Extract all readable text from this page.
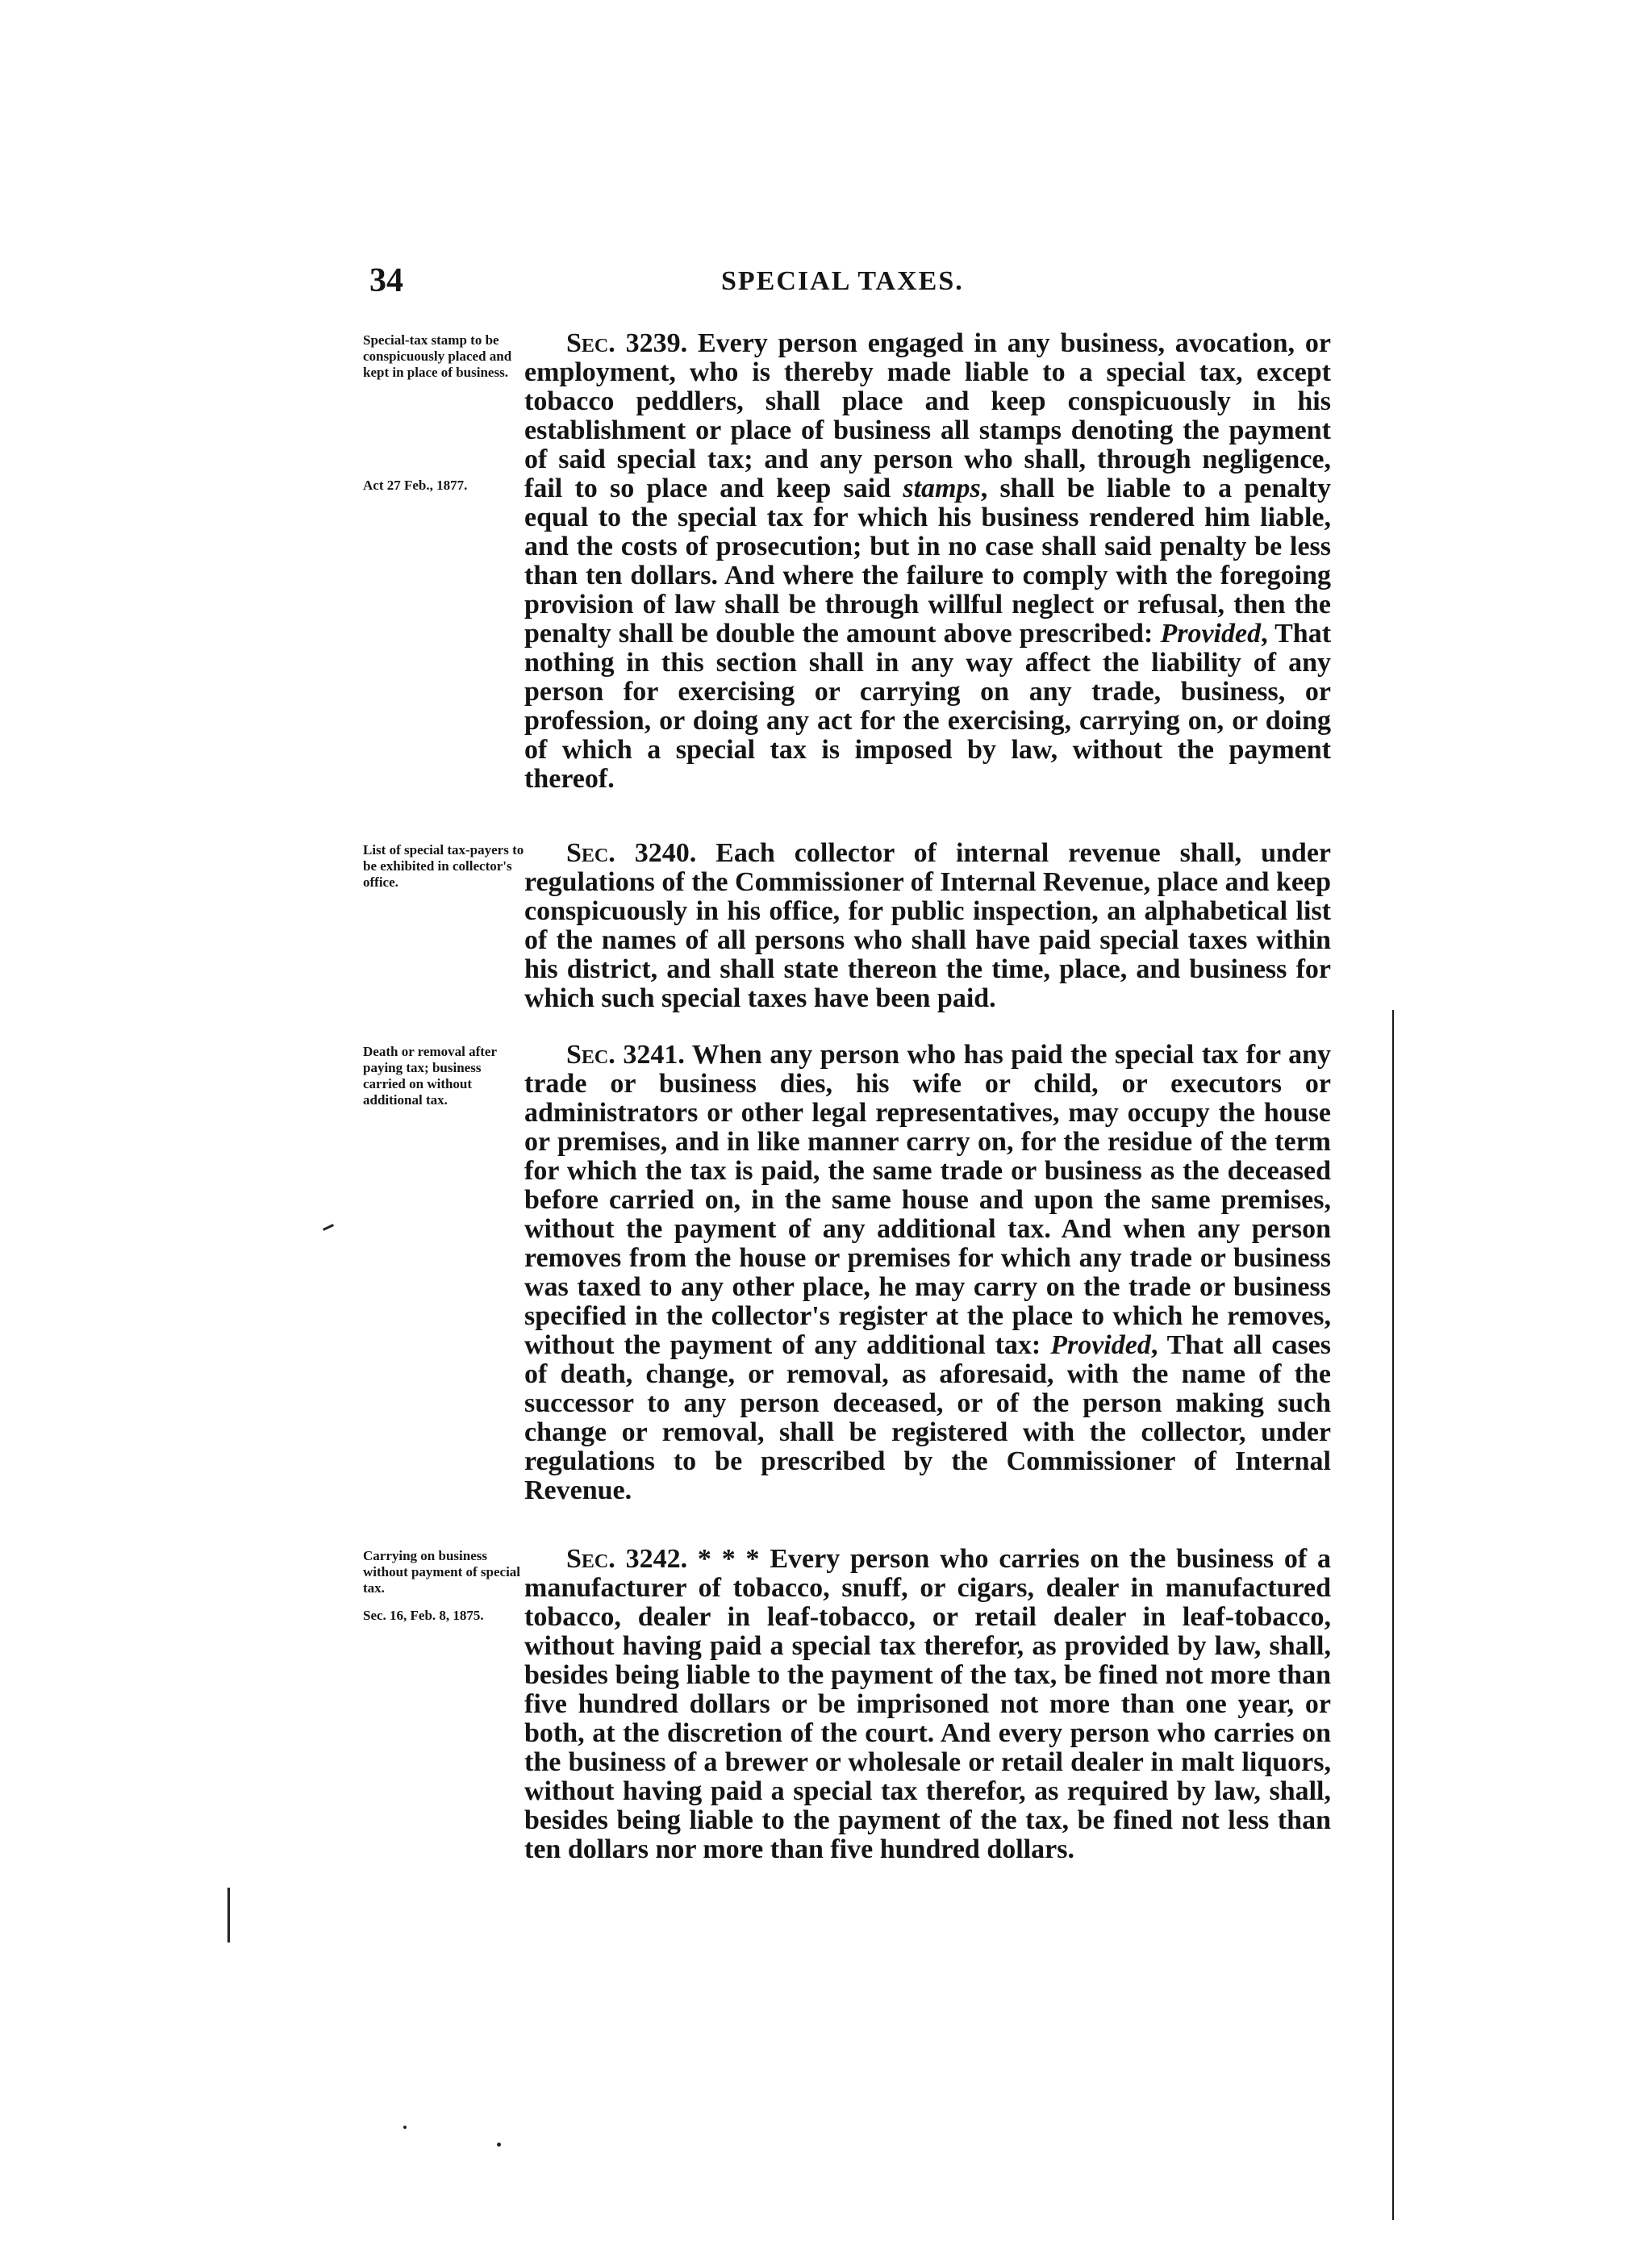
34	SPECIAL TAXES.
Special-tax stamp to be conspicuously placed and kept in place of business.
Act 27 Feb., 1877.
Sec. 3239. Every person engaged in any business, avocation, or employment, who is thereby made liable to a special tax, except tobacco peddlers, shall place and keep conspicuously in his establishment or place of business all stamps denoting the payment of said special tax; and any person who shall, through negligence, fail to so place and keep said stamps, shall be liable to a penalty equal to the special tax for which his business rendered him liable, and the costs of prosecution; but in no case shall said penalty be less than ten dollars. And where the failure to comply with the foregoing provision of law shall be through willful neglect or refusal, then the penalty shall be double the amount above prescribed: Provided, That nothing in this section shall in any way affect the liability of any person for exercising or carrying on any trade, business, or profession, or doing any act for the exercising, carrying on, or doing of which a special tax is imposed by law, without the payment thereof.
List of special tax-payers to be exhibited in collector's office.
Sec. 3240. Each collector of internal revenue shall, under regulations of the Commissioner of Internal Revenue, place and keep conspicuously in his office, for public inspection, an alphabetical list of the names of all persons who shall have paid special taxes within his district, and shall state thereon the time, place, and business for which such special taxes have been paid.
Death or removal after paying tax; business carried on without additional tax.
Sec. 3241. When any person who has paid the special tax for any trade or business dies, his wife or child, or executors or administrators or other legal representatives, may occupy the house or premises, and in like manner carry on, for the residue of the term for which the tax is paid, the same trade or business as the deceased before carried on, in the same house and upon the same premises, without the payment of any additional tax. And when any person removes from the house or premises for which any trade or business was taxed to any other place, he may carry on the trade or business specified in the collector's register at the place to which he removes, without the payment of any additional tax: Provided, That all cases of death, change, or removal, as aforesaid, with the name of the successor to any person deceased, or of the person making such change or removal, shall be registered with the collector, under regulations to be prescribed by the Commissioner of Internal Revenue.
Carrying on business without payment of special tax.
Sec. 16, Feb. 8, 1875.
Sec. 3242. * * * Every person who carries on the business of a manufacturer of tobacco, snuff, or cigars, dealer in manufactured tobacco, dealer in leaf-tobacco, or retail dealer in leaf-tobacco, without having paid a special tax therefor, as provided by law, shall, besides being liable to the payment of the tax, be fined not more than five hundred dollars or be imprisoned not more than one year, or both, at the discretion of the court. And every person who carries on the business of a brewer or wholesale or retail dealer in malt liquors, without having paid a special tax therefor, as required by law, shall, besides being liable to the payment of the tax, be fined not less than ten dollars nor more than five hundred dollars.
